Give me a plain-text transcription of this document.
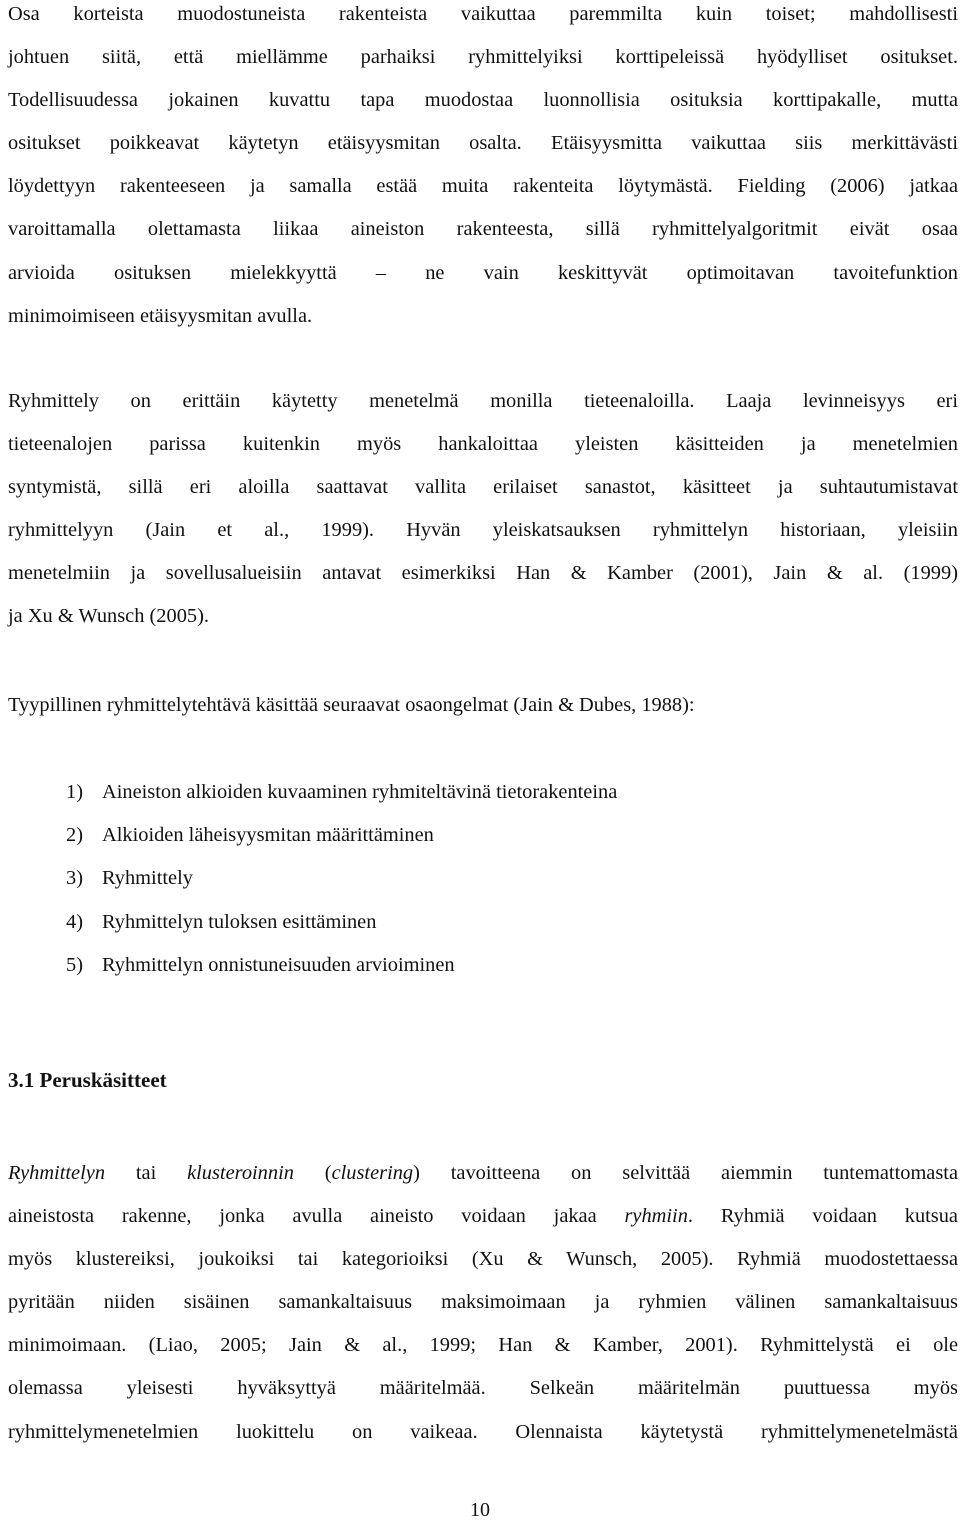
Osa korteista muodostuneista rakenteista vaikuttaa paremmilta kuin toiset; mahdollisesti
johtuen siitä, että miellämme parhaiksi ryhmittelyiksi korttipeleissä hyödylliset ositukset.
Todellisuudessa jokainen kuvattu tapa muodostaa luonnollisia osituksia korttipakalle, mutta
ositukset poikkeavat käytetyn etäisyysmitan osalta. Etäisyysmitta vaikuttaa siis merkittävästi
löydettyyn rakenteeseen ja samalla estää muita rakenteita löytymästä. Fielding (2006) jatkaa
varoittamalla olettamasta liikaa aineiston rakenteesta, sillä ryhmittelyalgoritmit eivät osaa
arvioida osituksen mielekkyyttä – ne vain keskittyvät optimoitavan tavoitefunktion
minimoimiseen etäisyysmitan avulla.
Ryhmittely on erittäin käytetty menetelmä monilla tieteenaloilla. Laaja levinneisyys eri
tieteenalojen parissa kuitenkin myös hankaloittaa yleisten käsitteiden ja menetelmien
syntymistä, sillä eri aloilla saattavat vallita erilaiset sanastot, käsitteet ja suhtautumistavat
ryhmittelyyn (Jain et al., 1999). Hyvän yleiskatsauksen ryhmittelyn historiaan, yleisiin
menetelmiin ja sovellusalueisiin antavat esimerkiksi Han & Kamber (2001), Jain & al. (1999)
ja Xu & Wunsch (2005).

Tyypillinen ryhmittelytehtävä käsittää seuraavat osaongelmat (Jain & Dubes, 1988):

1) Aineiston alkioiden kuvaaminen ryhmiteltävinä tietorakenteina
2) Alkioiden läheisyysmitan määrittäminen
3) Ryhmittely
4) Ryhmittelyn tuloksen esittäminen
5) Ryhmittelyn onnistuneisuuden arvioiminen
3.1 Peruskäsitteet
Ryhmittelyn tai klusteroinnin (clustering) tavoitteena on selvittää aiemmin tuntemattomasta
aineistosta rakenne, jonka avulla aineisto voidaan jakaa ryhmiin. Ryhmiä voidaan kutsua
myös klustereiksi, joukoiksi tai kategorioiksi (Xu & Wunsch, 2005). Ryhmiä muodostettaessa
pyritään niiden sisäinen samankaltaisuus maksimoimaan ja ryhmien välinen samankaltaisuus
minimoimaan. (Liao, 2005; Jain & al., 1999; Han & Kamber, 2001). Ryhmittelystä ei ole
olemassa yleisesti hyväksyttyä määritelmää. Selkeän määritelmän puuttuessa myös
ryhmittelymenetelmien luokittelu on vaikeaa. Olennaista käytetystä ryhmittelymenetelmästä
10
